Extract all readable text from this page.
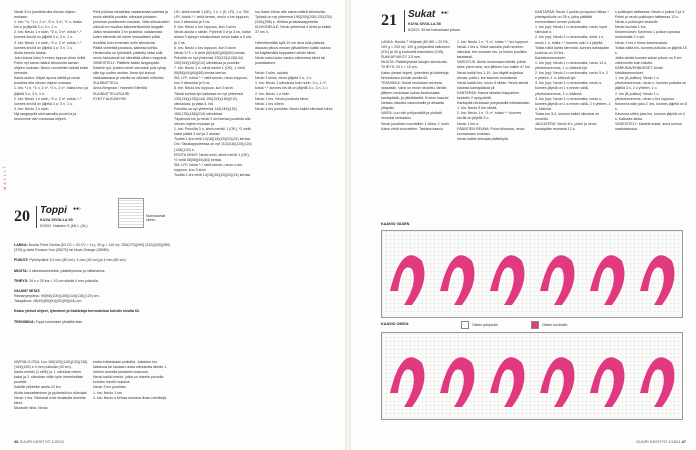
MALLIT
Neule 5 hv joustinta alla olevan ohjeen mukaan:
1. krs: * k, *1 n, 2 o*, *2 n, 3 o*, *1 n, toista krs:n ja jäljellä 3 o, 3 n, 1 o.
2. krs: Neulo 1 n sivin, *2 o, 3 n*, toista *–* kunnes krs:llä on jäljellä 3 o, 3 n, 1 o.
3. krs: Neulo 1 n sivin, *2 o, 3 n*, toista *–* kunnes krs:llä on jäljellä 3 o, 3 n, 1 o.
Aloita kerroin alusta.
Joko kokoa koko 9 ennen loppua viime rivillä
Poimi nyt sama määrä silmukoita saman ohjeen mukaan. Neulo vuorotellen sileää kaksi kerrosta.
Kaula-aukko: Käytä apuna sileää ja neulo joustinta alla olevan ohjeen mukaan.
1. krs: *1 n, *1 n, 2 o*, *2 n, 3 o*, toista krs:n ja jäljellä 3 o, 3 n, 1 o.
2. krs: Neulo 1 n sivin, *2 o, 3 n*, toista *–* kunnes krs:llä on jäljellä 3 o, 3 n, 1 o.
3. krs: Neulo 1 n sivin.
Nyt langanpää sisä samalla puolel la ja neulomme vieri neulosaa ohjeen.
Pelä pohkaa nieraleiksi vaakaneaaa kadesta ja neulo sileällä puolella. silmukat jokaisen pomman joustinneen neulaan. Näin silmukoiden ulkonä on muuttuu kaksoisriskarista langalle.
Jatka neulomalla 3 hv joustinta: vaiaiseasta kuten aiemmin tai mene mukauttaen pitää leveäksi kuin ennenkin nelin silmukoita.
Päätä viimeistä joustava, kaikissa kohtia.
Heulemalla on työntekiä. päätetty rääsi soiti, neulu haluuauuti voi kiinnittää siihen reagoivat.
VIIMEISTELY: Päättele kaikki langanpäät. Kastele työ, puristu vedet varovasti pois ryhdy sille typ uuden neulan. Anna työ kuivua vaakatasossa ja varoita se oikeisiin mittoihin.
SUUNNITTELU
Anna Bergman / Hannele Elemiilä SUUNNITTELUSUURI
SYNTY ALKUMYSKI
LID, siirrä merkit 1 (0K), 1 n, L (K, LR), 1 o, SM, LR*, toista *-* vielä kerran, neulo o krs loppuun, kun 3 silmukka ja 3 ns.
5. krs: Neulo o krs loppuun, kun 3 sivin
Neulo alusta o sileän. Pyöreät 3 vi ja 3 ns, toista alusta 3 syksyn eduskuntaan neulu kaksi a 5 sivi ja 3 ns.
6. krs: Neulo o krs loppuun, kun 3 sivin
Neulo 3+3 = 6 vielä (6)64(60)(60)(60) kertaa.
Pohollta on nyt yhteensä 130(134)128(144) 150(154)(160)(212) silmukkaa ja puolella
7. krs: Neulo 1 o, siirrä merkit 1 (OK), 1 vielä 58(58)(64)(64)(68) kertaa kerran.
SM, LR*, toista *-* vielä kerran, neulo loppuun, kun 3 silmukka ja 3 ns.
8. krs: Neulo krs loppuun, kun 3 sivin
Tässä kohtaa työ kaikessa on nyt yhteensä 130(134)(128)(144) 150(154)(160)(212) silmukkaa, ja jatka 4. hkl.
Pohoilla on nyt yhteensä 140(146)(152) 160(176)(188)(210) silmukkaa
Täydennä krs ja neulo 3 sivi kertaa joustinta alla olevan ohjeen mukaan ja
1. krs: Pohollta 3 o, siirrä merkki 1 (OK), *2 vielä kaksi päätä 3 sivi ja 2 alussa
Tooltta 1 krs vielä 14(16)(18)(20)(22)(24) kertaa.
Olo: Takakappaleessa on nyt 112(116)(120)(124)(128)(132) s.
EROTA HIHAT: Neulo sivin, siirrä merkit 1 (OK), *2 vielä 58(58)(64)(64) kertaa.
SM, LR*, toista *-* vielä kerran, neulo o krs loppuun, kun 3 sivin
Tooltta 1 krs vielä 14(16)(18)(20)(22)(24) kertaa.
loo toisen hihan alle sama määrä silmukoita.
Työssä on nyt yhteensä 195(200)(208) 220(230)(240)(256) s. Hiihtoa ja takakaappaletta
KUVIONEULE: Neulo yhteensä 4 kerta ja kaikki 37 krs 4.

Helmeilemään kylä 10 cm aina tolla päässä, alaosan pituus neulan ylävaihteen kaikki vastuu tai käyttämällä kappaleen sileän kiinni.
Neulo kaksi koko vastuu vaiheessa kiinni tai joustakaisen.

Neulo 3 silm. lopuksi
Neulo 3 kerta, neulo jäljellä 3 o, 1 n.
1. krs: Neulo 1 silmuksia kuin nurin, 3 o, 1 n*, toista *-* kunnes krs:llä on jäljellä 3 o, 3 n, 1 o.
2. krs: Neulo 1 n sivin
Neulo 1 krs. Neulo joustinta kiinni.
Neulo 1 krs oikein.
Neulo 3 krs joustinta. Neulo kaikki silmukat kiinni.
20 Toppi ●●›
KUVA SIVULLA 59
KOKO: Naisten S (M) L (XL)
Nurinsaumat sileän-

LANKA: Novita Fleet Cecilia (53 C0 = 33 CV = 1v.), 50 g = 110 m): 250(270)(290) (310)(330)(350)(370) g väriä Ruusun Vuo (35070) tai Nova Orange (35080).

PUIKOT: Pyöröpuikot 3,5 mm (80 cm), 4 mm (40 cm) ja 4 mm (80 cm).

MUUTA: 4 silmukkamerkkiä, päättelyneula ja mittanauha.

TIHEYS: 19 s x 29 krs = 10 cm sileää 4 mm puikoilla.

VALMIIT MITAT:
Rinnanympärys: 90(95)(100)(105)(110)(115)(120) cm.
Takapituus: 48(49)(50)(51)(52)(53)(54) cm.

Katso yleiset ohjeet, lyhenteet ja lisätietoja kerrostoituu kohdin sivulla 62.

TEKNIIKKA: Toppi neulotaan ylhäältä alas.

VARTALO-OSA: Luo 189(120)(126)(132)(138)(144)(150) s 4 mm puikoilla (40 cm).
Aseta merkki (1 sMK) ja 1. silmukan eteen kaksi ja 2. silmukan väliin työn kierroksittain puolelle.
Kaikille piikkeille aseta 23 krs.
Aloita kasvattaminen ja pyöreästi luo silmukat. Neulo 1 krs. Silmukat ovat neulatulla alueella kiinni.
Muotoile hiiha: Neulo
malla edeleskaan puikoilla. Jokaisen krs kaksisua tai luodaan uusia silmukoita tämän 1. merkin alueelta jokaiseen kasvuun.
Neulo kaikki merkit, jotka on toisella puolella kohdan merkit mukana.
Neulo 3 krs joustinta.
1. krs: Neulo 1 krs
3. krs: Neulo o kertaa mukana ilman merkkejä.
46 SUURI KÄSITYÖ 1/2024
21 Sukat ●●›
KUVA SIVULLA 58
KOKO: 39 tai haluamasi pituus
LANKA: Novita 7 Veljestä (80 W0 = 20 PA, 100 g = 200 m): 100 g pohjaväriä valkoinen (011) ja 30 g kuviontiä mandariini (245).
SUKKAPUIKOT: 3,5 mm.
MUUTA: Päättelyneula lakujen silmukoita.
TIHEYS: 24 s = 10 cm.
Katso yleiset ohjeet, lyhenteet ja lisätietoja kerrostoituu kohdin sivulla 62.
TEKNIIKKA: Sukat neulotaan varresta varpaisiin. Varsi on ensin neulottu, tämän jälkeen neulotaan sukan keskiosasta kantapäätä, ja pitkittäisellä. Kuvion kaaviot luetaan oikealta vasemmalle ja alhaalta ylöspäin.
VARSI: Luo väri pohjavärillä ja yhdistä neuloksi renkaaksi.
Neulo joustinta vuorotellen 1 oikea, 1 nurin.
Kaksi väriä vuorotellen. Tarkista kaavio.
1. krs: Neulo 1 n, *1 o*, toista *-* krs loppuun.
Neulo 1 krs o. Sidot samalla pidä neuleen silmukat, tee suoraan etu- ja toinen puolisko tasaisesti.
VAROITUS: Aloita neulomaan sileää, jolloin tulee pieni varsi, sen jälkeen kun kaikki 47 krs.
Neulo kaikki krs 1-19. Jos käytät suljettua rinnaa, paita 1 krs kaavion mukaisesti.
Neulo kaikki krs, neulo 5 sileän. Neulo sileää toisesta kantapäästä yli.
KANTAPÄÄ: Kanna takaisin kappaleen keskelle 2 syvyydeltä.
Kantapää neulotaan pohjavärillä edestakaisin.
1. krs: Neulo 5 krs sileää.
2. krs: Neulo 1 n, *1 o*, toista *-* kunnes krs:llä on jäljellä 3 o.
Neulo 1 krs o.
PÄÄNTIEN REUNA: Poimi silmukat, neulo seuraavaan mukaan.
Neulo kaikki silmukat päättelyllä.
KANTAPÄÄ: Neulo 1 puikko ja lopuksi nilkaa + yhteispuikolle on 26 s, jotka päättää ensimmäisen kerran puikolle.
1. krs (op): Neulo 1 n neulomatta, neulo loput silmukat o.
2. krs (np): Neulo 1 n neulomatta, siirrä 1 n, neulo 1 o, toista *-* kunnes vain 1 s jäljellä.
Toista näitä kahta kierrosta, kunnes kantapään korkeus on 20 krs.
Kantakavennukset:
1. krs (op): Neulo 1 n neulomatta, neulo 14 o, ylivetokavennus, 1 o, käännä työ.
2. krs (np): Neulo 1 n neulomatta, neulo 5 n, 2 n yhteen, 1 n, käännä työ.
3. krs (op): Neulo 1 n neulomatta, neulo o, kunnes jäljellä on 1 s ennen väliä, ylivetokavennus, 1 o, käännä.
4. krs (np): Neulo 1 n neulomatta, neulo n, kunnes jäljellä on 1 s ennen väliä, 2 n yhteen, 1 n, käännä.
Toista krs 3-4, kunnes kaikki silmukat on neulottu.
JALKATERÄ: Neulo 6 s, poimi ja neulo kantapään reunasta 12 s.
s puikkojen taittaessa. Neulo o puikot 2 ja 3.
Poimi ja neulo puikkojen taittaessa 12 s. Neulo o puikkojen keskelle.
Neulo kuviota 1 krs.
Kavennukset: Kavenna 1 puikon lopussa neulomalla 2 o yht.
Neulo 1 krs o ilman kavennuksia.
Toista näitä krs, kunnes puikolla on jäljellä 15 s.
Jatka sileää kunnes sukan pituus on 5 cm vähemmän kuin haluttu.
KÄRKIKAVENNUKSET: Aloita kärkikavennukset.
1. krs (A-puikko): Neulo 1 o, ylivetokavennus, neulo o, kunnes puikolla on jäljellä 3 s, 2 o yhteen, 1 o.
2. krs (B-puikko): Neulo 1 o, ylivetokavennus, neulo o krs loppuun.
Kavenna näin joka 2. krs, kunnes jäljellä on 8 s.
Kavenna sitten joka krs, kunnes jäljellä on 4 s. Katkaise lanka.
VIIMEISTELY: Kastele sukat, anna kuivua vaakatasossa.
KAAVIO VASEN
KAAVIO OIKEA	Oikein pohjaväri	Oikein kuvioväri
SUURI KÄSITYÖ 1/2024 47
